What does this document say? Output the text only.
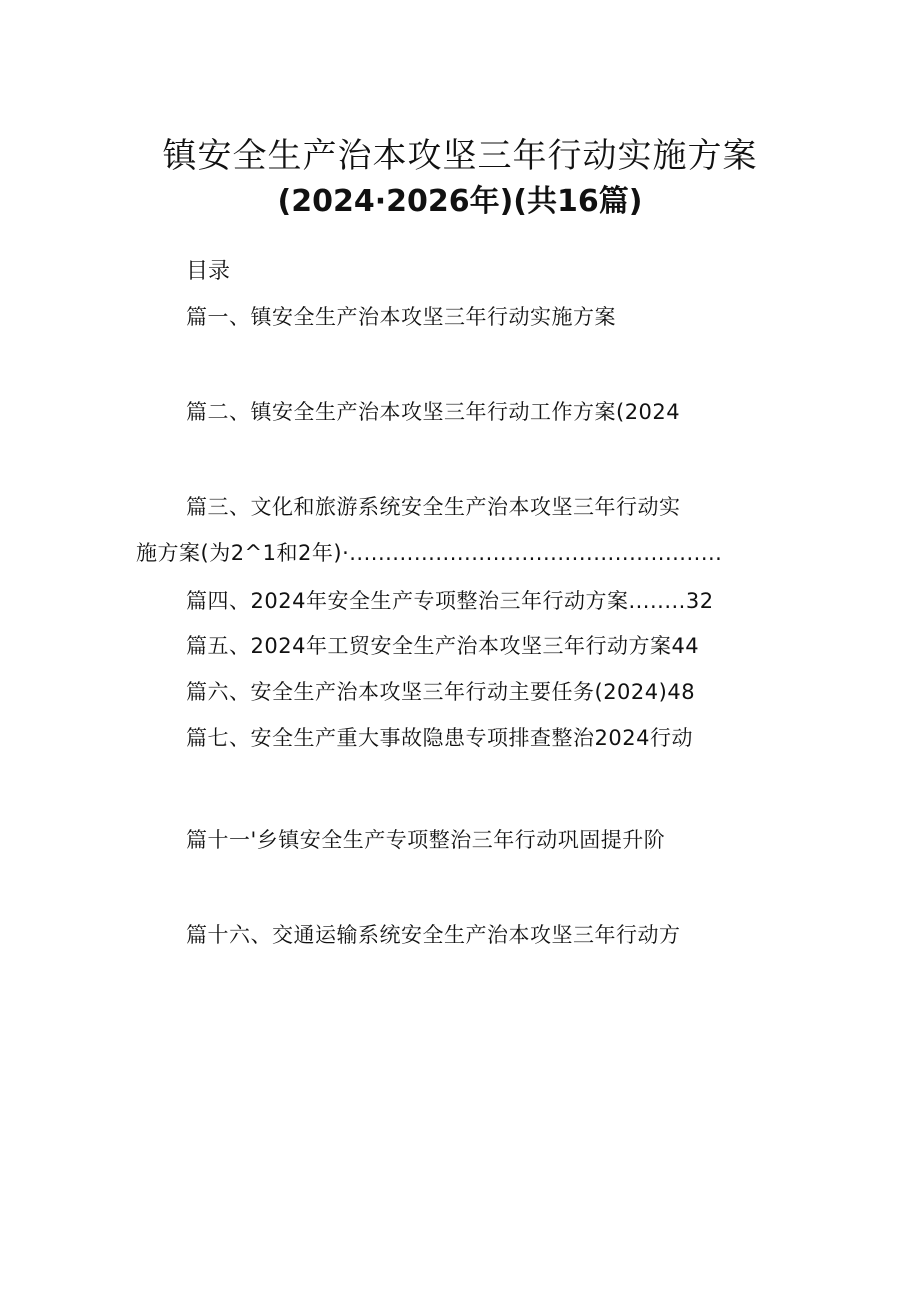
镇安全生产治本攻坚三年行动实施方案
(2024·2026年)(共16篇)
目录
篇一、镇安全生产治本攻坚三年行动实施方案
篇二、镇安全生产治本攻坚三年行动工作方案(2024
篇三、文化和旅游系统安全生产治本攻坚三年行动实
施方案(为2^1和2年)·....................................................
篇四、2024年安全生产专项整治三年行动方案........32
篇五、2024年工贸安全生产治本攻坚三年行动方案44
篇六、安全生产治本攻坚三年行动主要任务(2024)48
篇七、安全生产重大事故隐患专项排查整治2024行动
篇十一'乡镇安全生产专项整治三年行动巩固提升阶
篇十六、交通运输系统安全生产治本攻坚三年行动方
